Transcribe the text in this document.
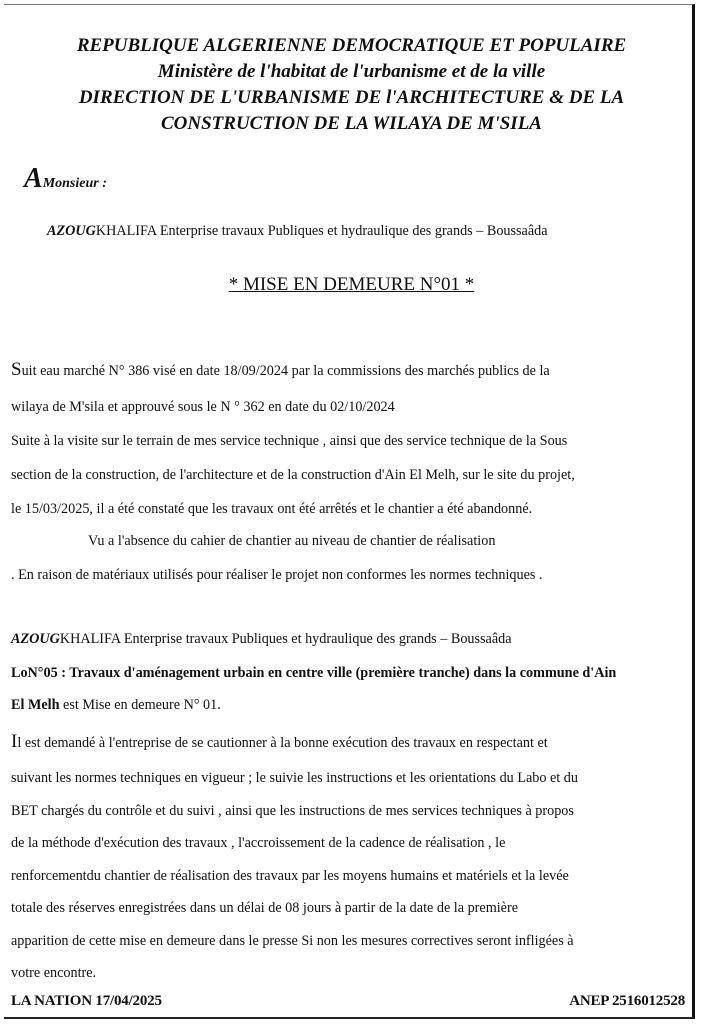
REPUBLIQUE ALGERIENNE DEMOCRATIQUE ET POPULAIRE
Ministère de l'habitat de l'urbanisme et de la ville
DIRECTION DE L'URBANISME DE l'ARCHITECTURE & DE LA
CONSTRUCTION DE LA WILAYA DE M'SILA
AMonsieur :
AZOUGKHALIFA Enterprise travaux Publiques et hydraulique des grands – Boussaâda
* MISE EN DEMEURE N°01 *
Suit eau marché N° 386 visé en date 18/09/2024 par la commissions des marchés publics de la
wilaya de M'sila et approuvé sous le N ° 362 en date du 02/10/2024
Suite à la visite sur le terrain de mes service technique , ainsi que des service technique de la Sous
section de la construction, de l'architecture et de la construction d'Ain El Melh, sur le site du projet,
le 15/03/2025, il a été constaté que les travaux ont été arrêtés et le chantier a été abandonné.
Vu a l'absence du cahier de chantier au niveau de chantier de réalisation
. En raison de matériaux utilisés pour réaliser le projet non conformes les normes techniques .
AZOUGKHALIFA Enterprise travaux Publiques et hydraulique des grands – Boussaâda
LoN°05 : Travaux d'aménagement urbain en centre ville (première tranche) dans la commune d'Ain
El Melh est Mise en demeure N° 01.
Il est demandé à l'entreprise de se cautionner à la bonne exécution des travaux en respectant et
suivant les normes techniques en vigueur ; le suivie les instructions et les orientations du Labo et du
BET chargés du contrôle et du suivi , ainsi que les instructions de mes services techniques à propos
de la méthode d'exécution des travaux , l'accroissement de la cadence de réalisation , le
renforcementdu chantier de réalisation des travaux par les moyens humains et matériels et la levée
totale des réserves enregistrées dans un délai de 08 jours à partir de la date de la première
apparition de cette mise en demeure dans le presse Si non les mesures correctives seront infligées à
votre encontre.
LA NATION 17/04/2025	ANEP 2516012528
